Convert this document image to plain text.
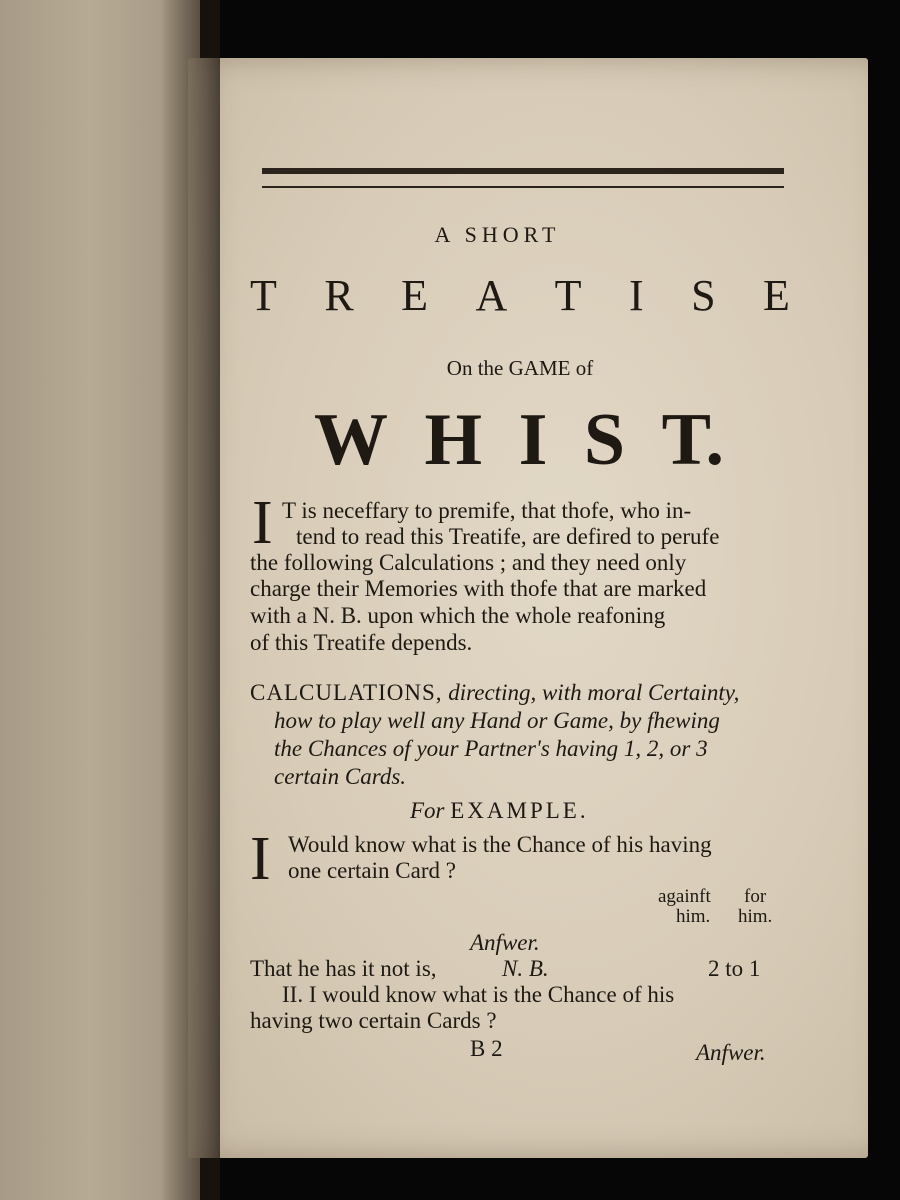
A SHORT
T R E A T I S E
On the GAME of
W H I S T.
I T is neceffary to premife, that thofe, who in-
tend to read this Treatife, are defired to perufe
the following Calculations ; and they need only
charge their Memories with thofe that are marked
with a N. B. upon which the whole reafoning
of this Treatife depends.
CALCULATIONS, directing, with moral Certainty,
how to play well any Hand or Game, by fhewing
the Chances of your Partner's having 1, 2, or 3
certain Cards.
For EXAMPLE.
I Would know what is the Chance of his having
one certain Card ?
againft for
him. him.
Anfwer.
That he has it not is,	N. B.	2 to 1
II. I would know what is the Chance of his
having two certain Cards ?
B 2	Anfwer.
